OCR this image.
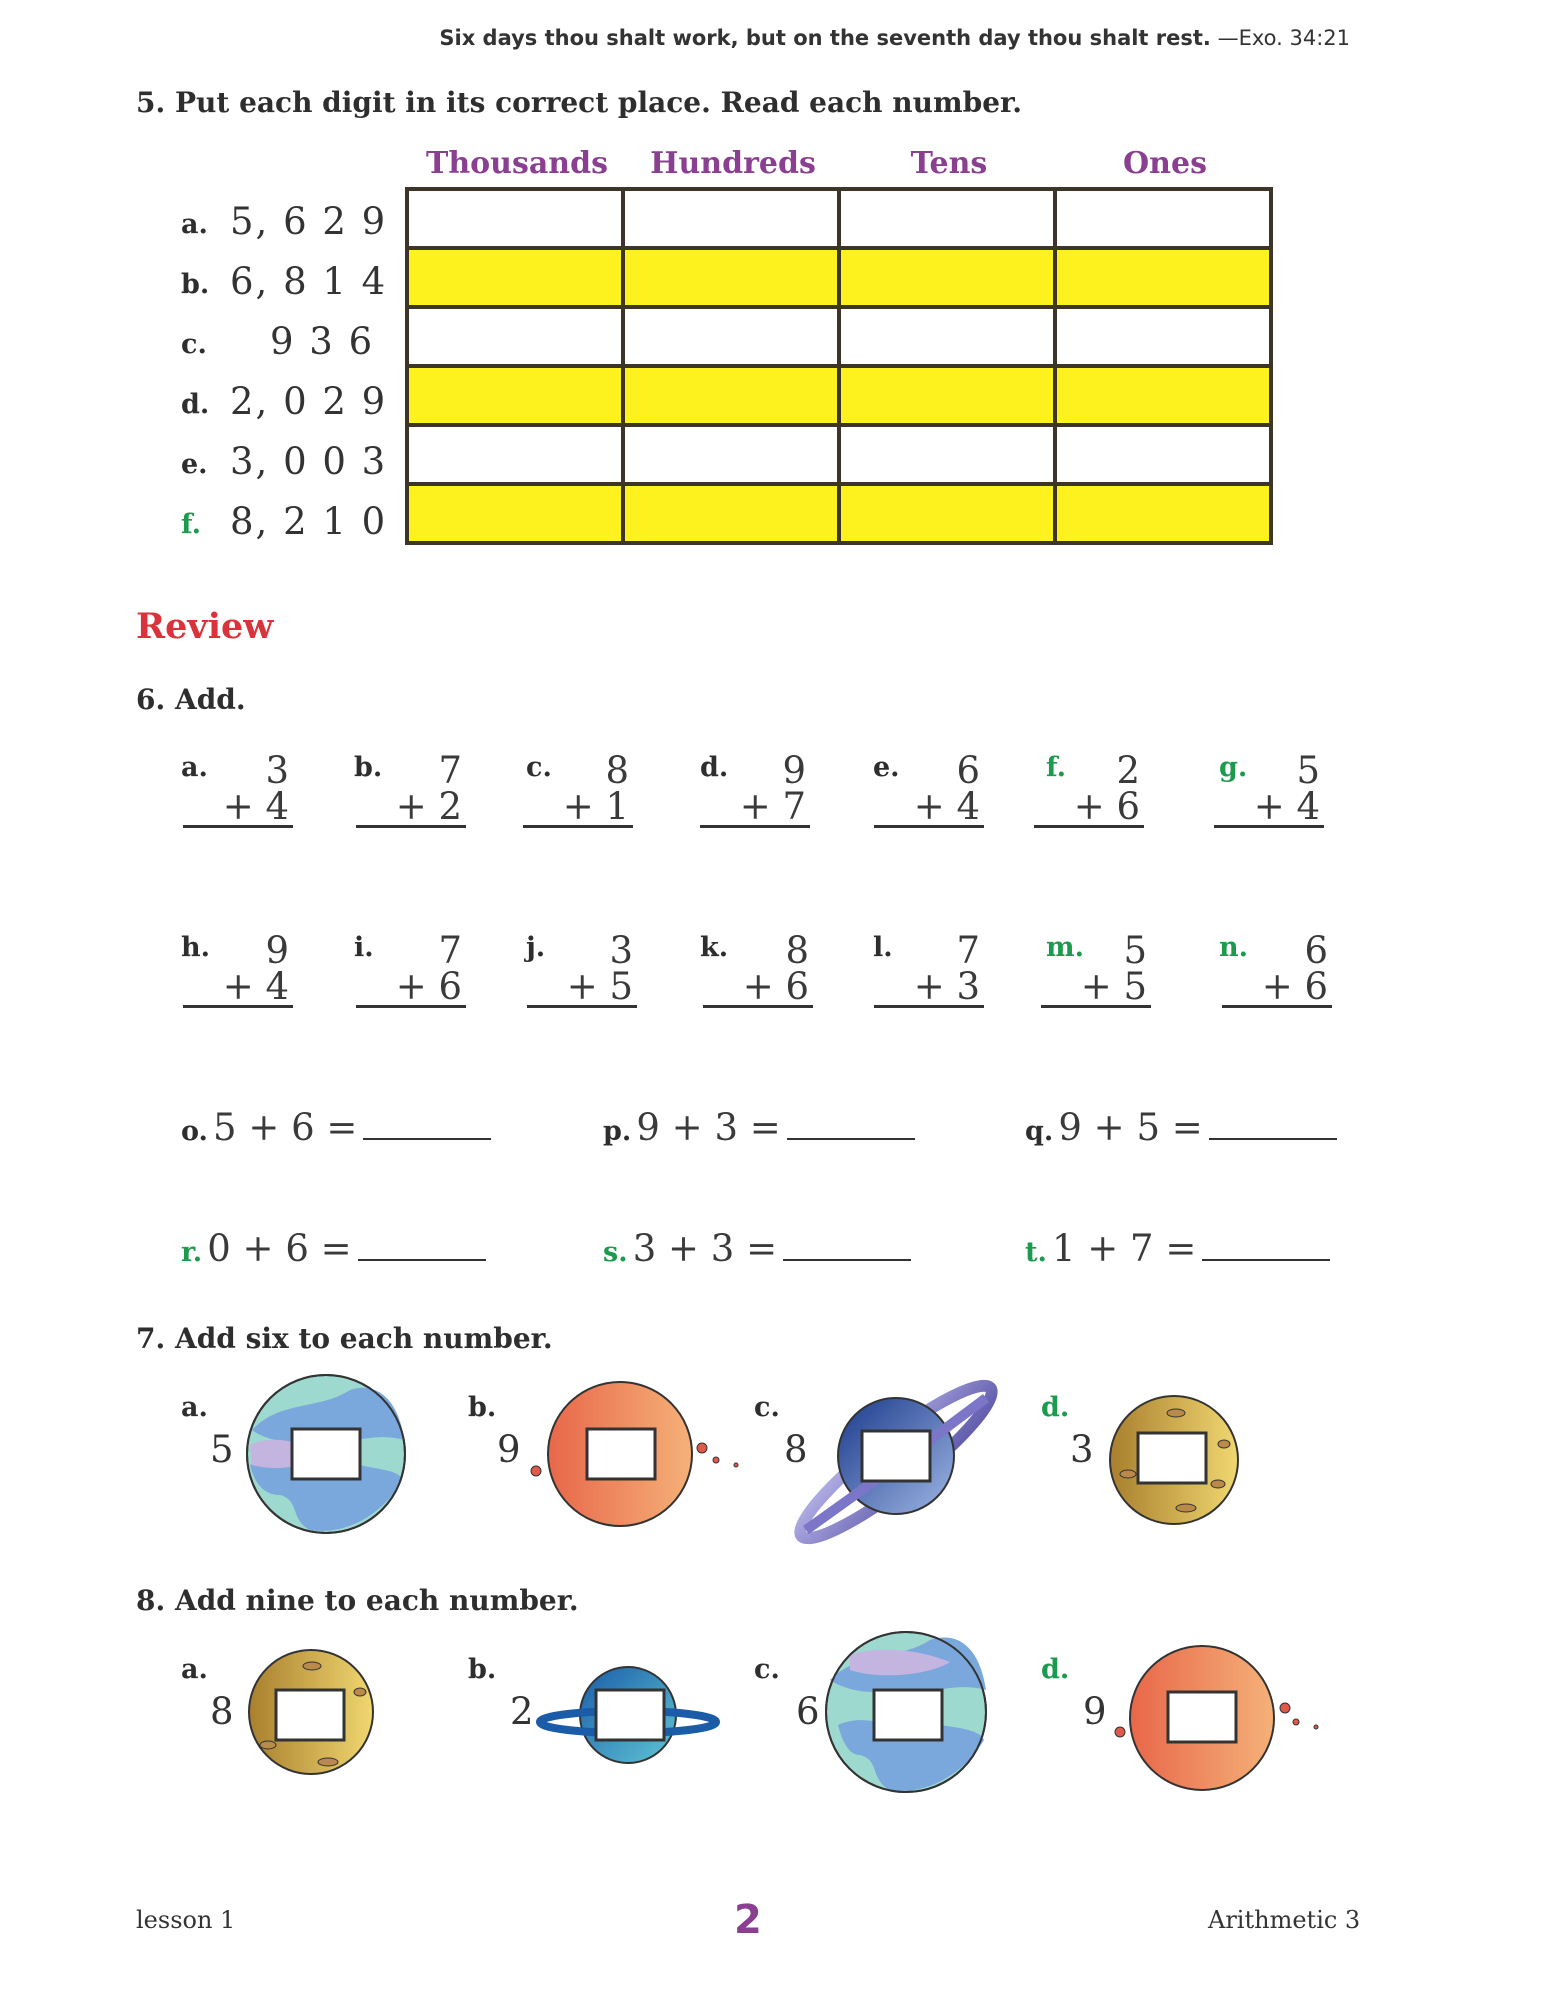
Six days thou shalt work, but on the seventh day thou shalt rest. —Exo. 34:21
5. Put each digit in its correct place. Read each number.
Thousands	Hundreds	Tens	Ones
a. 5, 6 2 9
b. 6, 8 1 4
c. 9 3 6
d. 2, 0 2 9
e. 3, 0 0 3
f. 8, 2 1 0

Review
6. Add.
a.	3
+ 4
b.	7
+ 2
c.	8
+ 1
d.	9
+ 7
e.	6
+ 4
f.	2
+ 6
g.	5
+ 4
h.	9
+ 4
i.	7
+ 6
j.	3
+ 5
k.	8
+ 6
l.	7
+ 3
m.	5
+ 5
n.	6
+ 6
o. 5 + 6 =	p. 9 + 3 =	q. 9 + 5 =
r. 0 + 6 =	s. 3 + 3 =	t. 1 + 7 =
7. Add six to each number.
a.
5
b.
9
c.
8
d.
3
8. Add nine to each number.
a.
8
b.
2
c.
6
d.
9
lesson 1	2	Arithmetic 3
